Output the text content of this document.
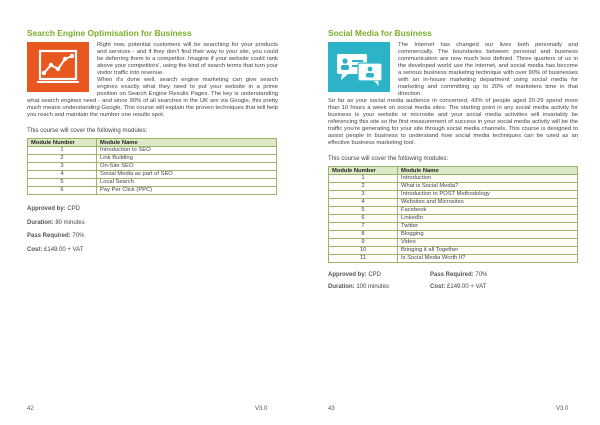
Search Engine Optimisation for Business

Right now, potential customers will be searching for your products and services - and if they don't find their way to your site, you could be deferring them to a competitor. Imagine if your website could rank above your competitors', using the kind of search terms that turn your visitor traffic into revenue.

When it's done well, search engine marketing can give search engines exactly what they need to put your website in a prime position on Search Engine Results Pages. The key is understanding what search engines need - and since 90% of all searches in the UK are via Google, this pretty much means understanding Google. This course will explain the proven techniques that will help you reach and maintain the number one results spot.

This course will cover the following modules:
Module Number	Module Name
1	Introduction to SEO
2	Link Building
3	On-Site SEO
4	Social Media as part of SEO
5	Local Search
6	Pay Per Click (PPC)

Approved by: CPD

Duration: 80 minutes

Pass Required: 70%

Cost: £149.00 + VAT

42	V3.0
Social Media for Business

The Internet has changed our lives both personally and commercially. The boundaries between personal and business communication are now much less defined. Three quarters of us in the developed world use the internet, and social media has become a serious business marketing technique with over 90% of businesses with an in-house marketing department using social media for marketing and committing up to 20% of marketers time in that direction.

So far as your social media audience in concerned, 43% of people aged 20-29 spend more than 10 hours a week on social media sites. The starting point in any social media activity for business is your website or microsite and your social media activities will invariably be referencing this site so the first measurement of success in your social media activity will be the traffic you're generating for your site through social media channels. This course is designed to assist people in business to understand how social media techniques can be used as an effective business marketing tool.

This course will cover the following modules:
Module Number	Module Name
1	Introduction
2	What is Social Media?
3	Introduction to POST Methodology
4	Websites and Microsites
5	Facebook
6	LinkedIn
7	Twitter
8	Blogging
9	Video
10	Bringing it all Together
11	Is Social Media Worth It?
Approved by: CPD	Pass Required: 70%
Duration: 100 minutes	Cost: £149.00 + VAT
43	V3.0
